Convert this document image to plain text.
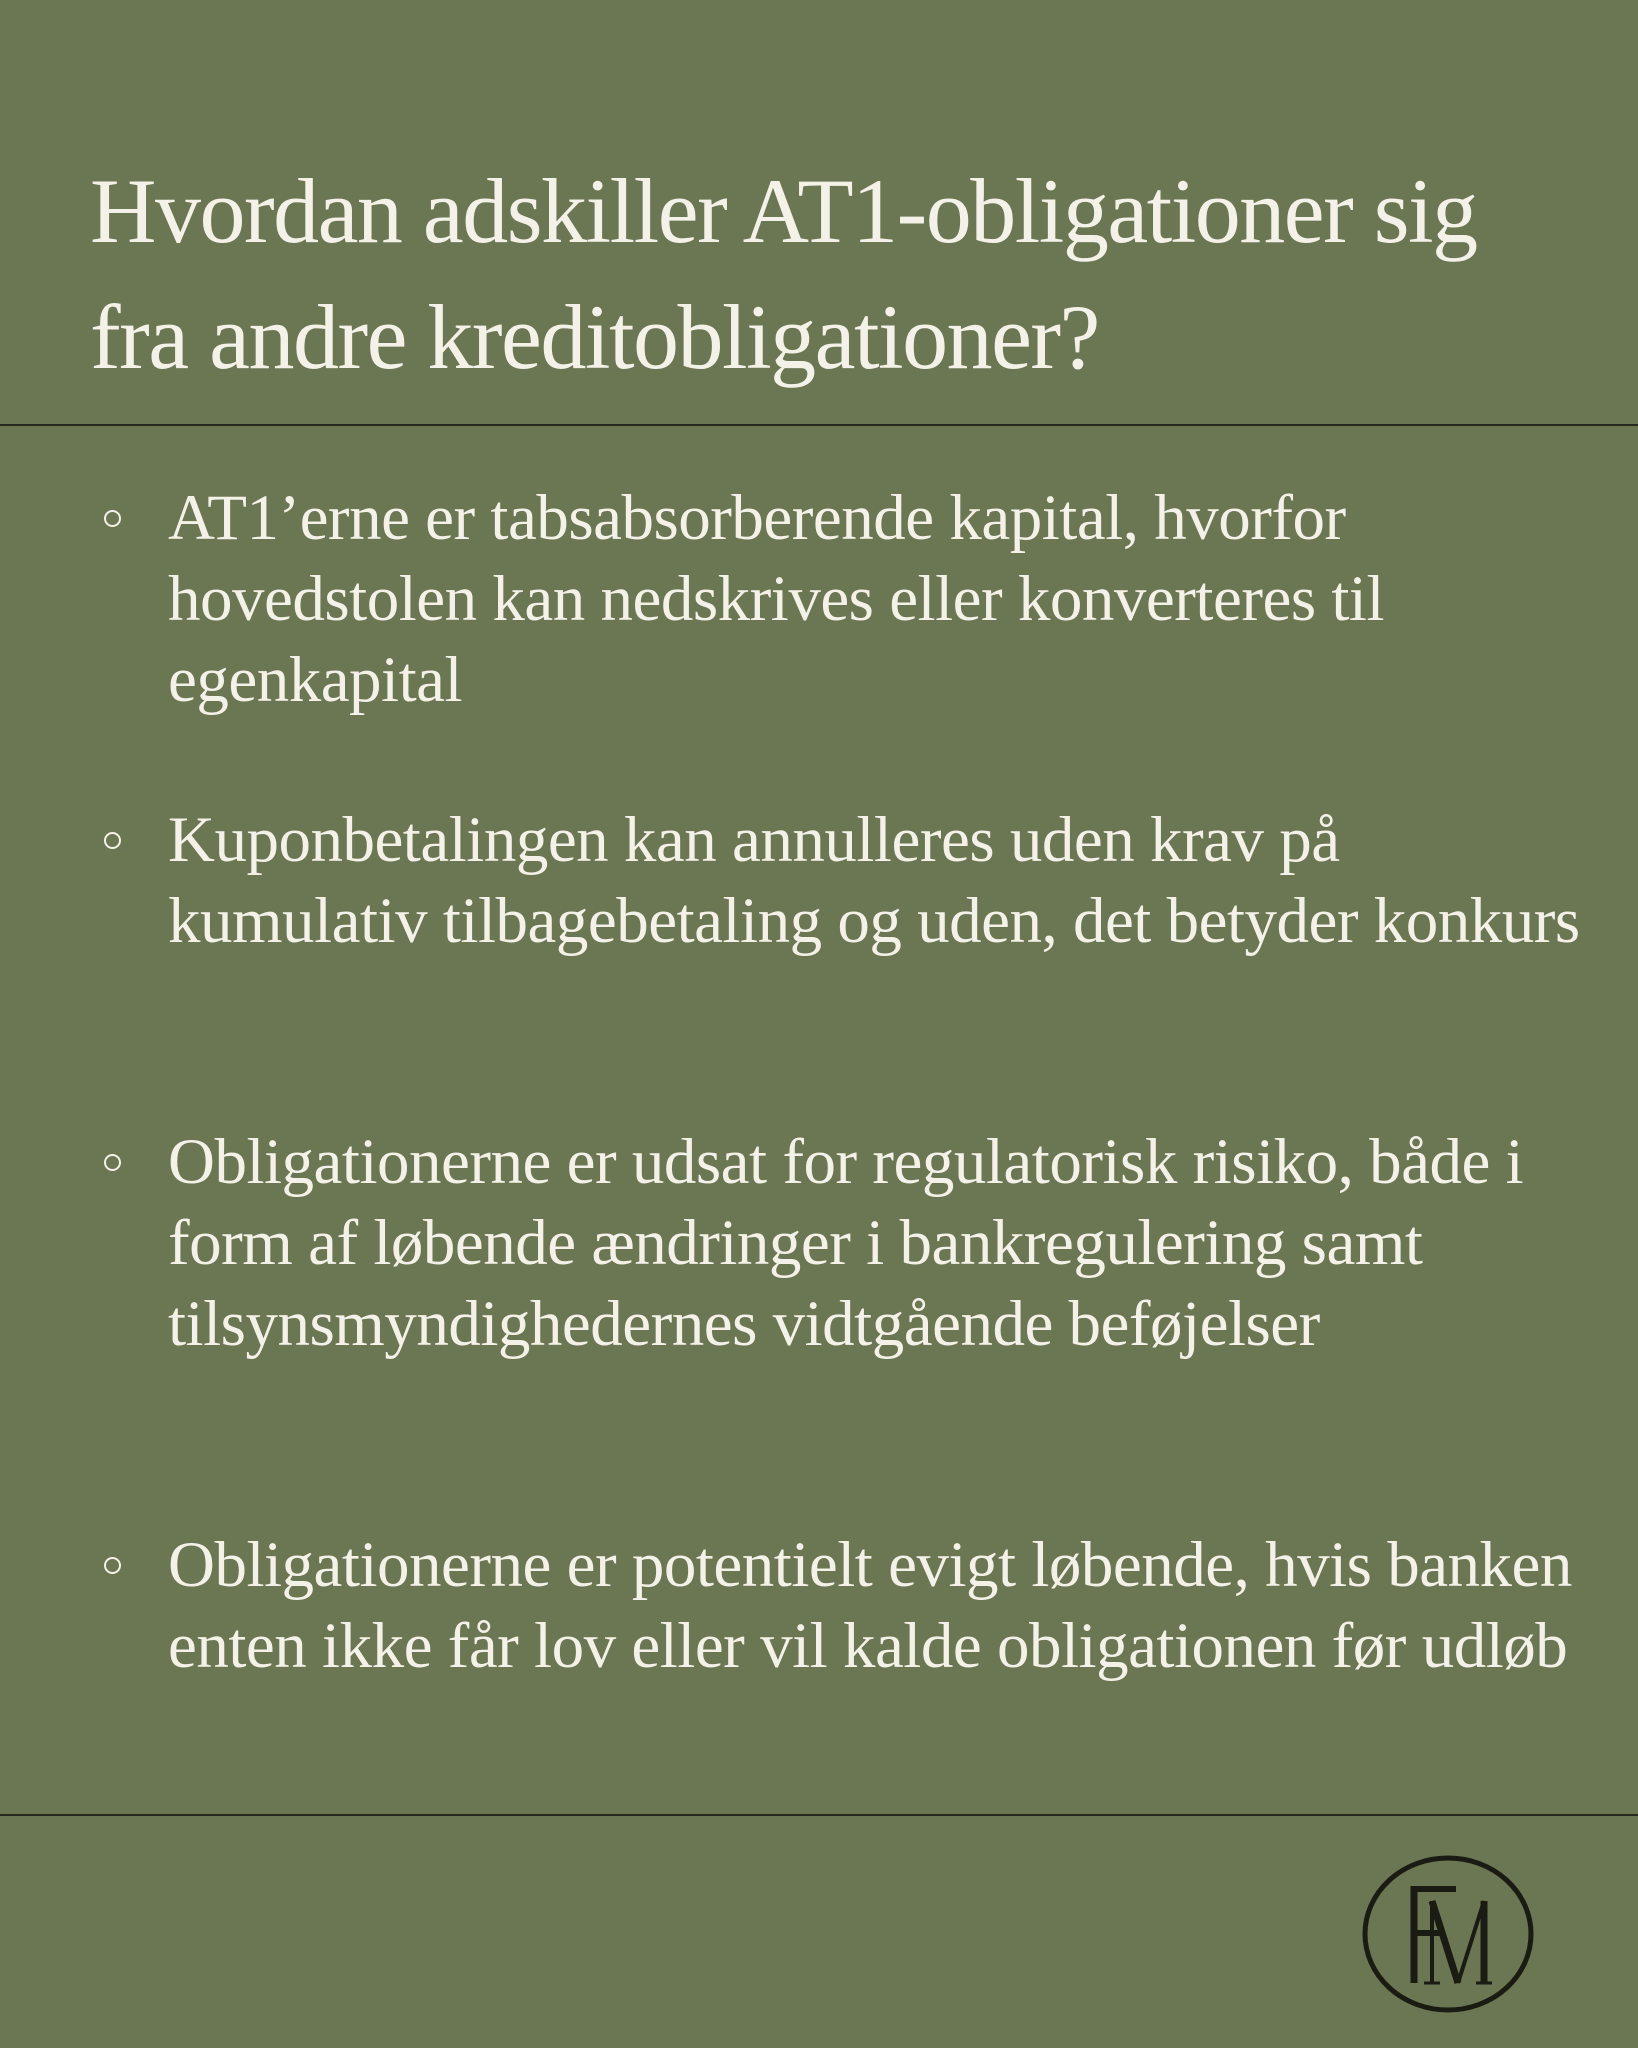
Hvordan adskiller AT1-obligationer sig fra andre kreditobligationer?
AT1’erne er tabsabsorberende kapital, hvorfor hovedstolen kan nedskrives eller konverteres til egenkapital
Kuponbetalingen kan annulleres uden krav på kumulativ tilbagebetaling og uden, det betyder konkurs
Obligationerne er udsat for regulatorisk risiko, både i form af løbende ændringer i bankregulering samt tilsynsmyndighedernes vidtgående beføjelser
Obligationerne er potentielt evigt løbende, hvis banken enten ikke får lov eller vil kalde obligationen før udløb
